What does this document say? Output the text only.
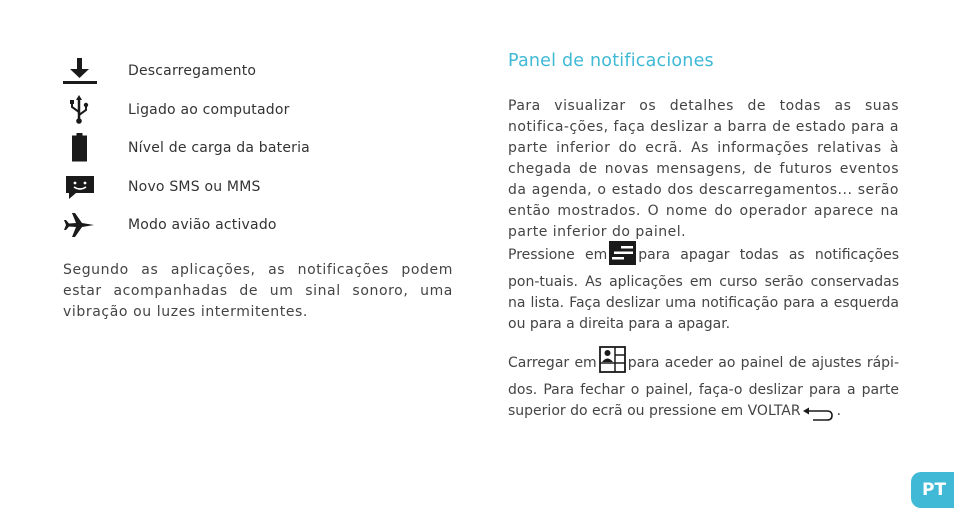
Descarregamento
Ligado ao computador
Nível de carga da bateria
Novo SMS ou MMS
Modo avião activado

Segundo as aplicações, as notificações podem estar acompanhadas de um sinal sonoro, uma vibração ou luzes intermitentes.

Panel de notificaciones

Para visualizar os detalhes de todas as suas notifica-ções, faça deslizar a barra de estado para a parte inferior do ecrã. As informações relativas à chegada de novas mensagens, de futuros eventos da agenda, o estado dos descarregamentos... serão então mostrados. O nome do operador aparece na parte inferior do painel.

Pressione em para apagar todas as notificações pon-tuais. As aplicações em curso serão conservadas na lista. Faça deslizar uma notificação para a esquerda ou para a direita para a apagar.

Carregar em para aceder ao painel de ajustes rápi-dos. Para fechar o painel, faça-o deslizar para a parte superior do ecrã ou pressione em VOLTAR	.

PT
